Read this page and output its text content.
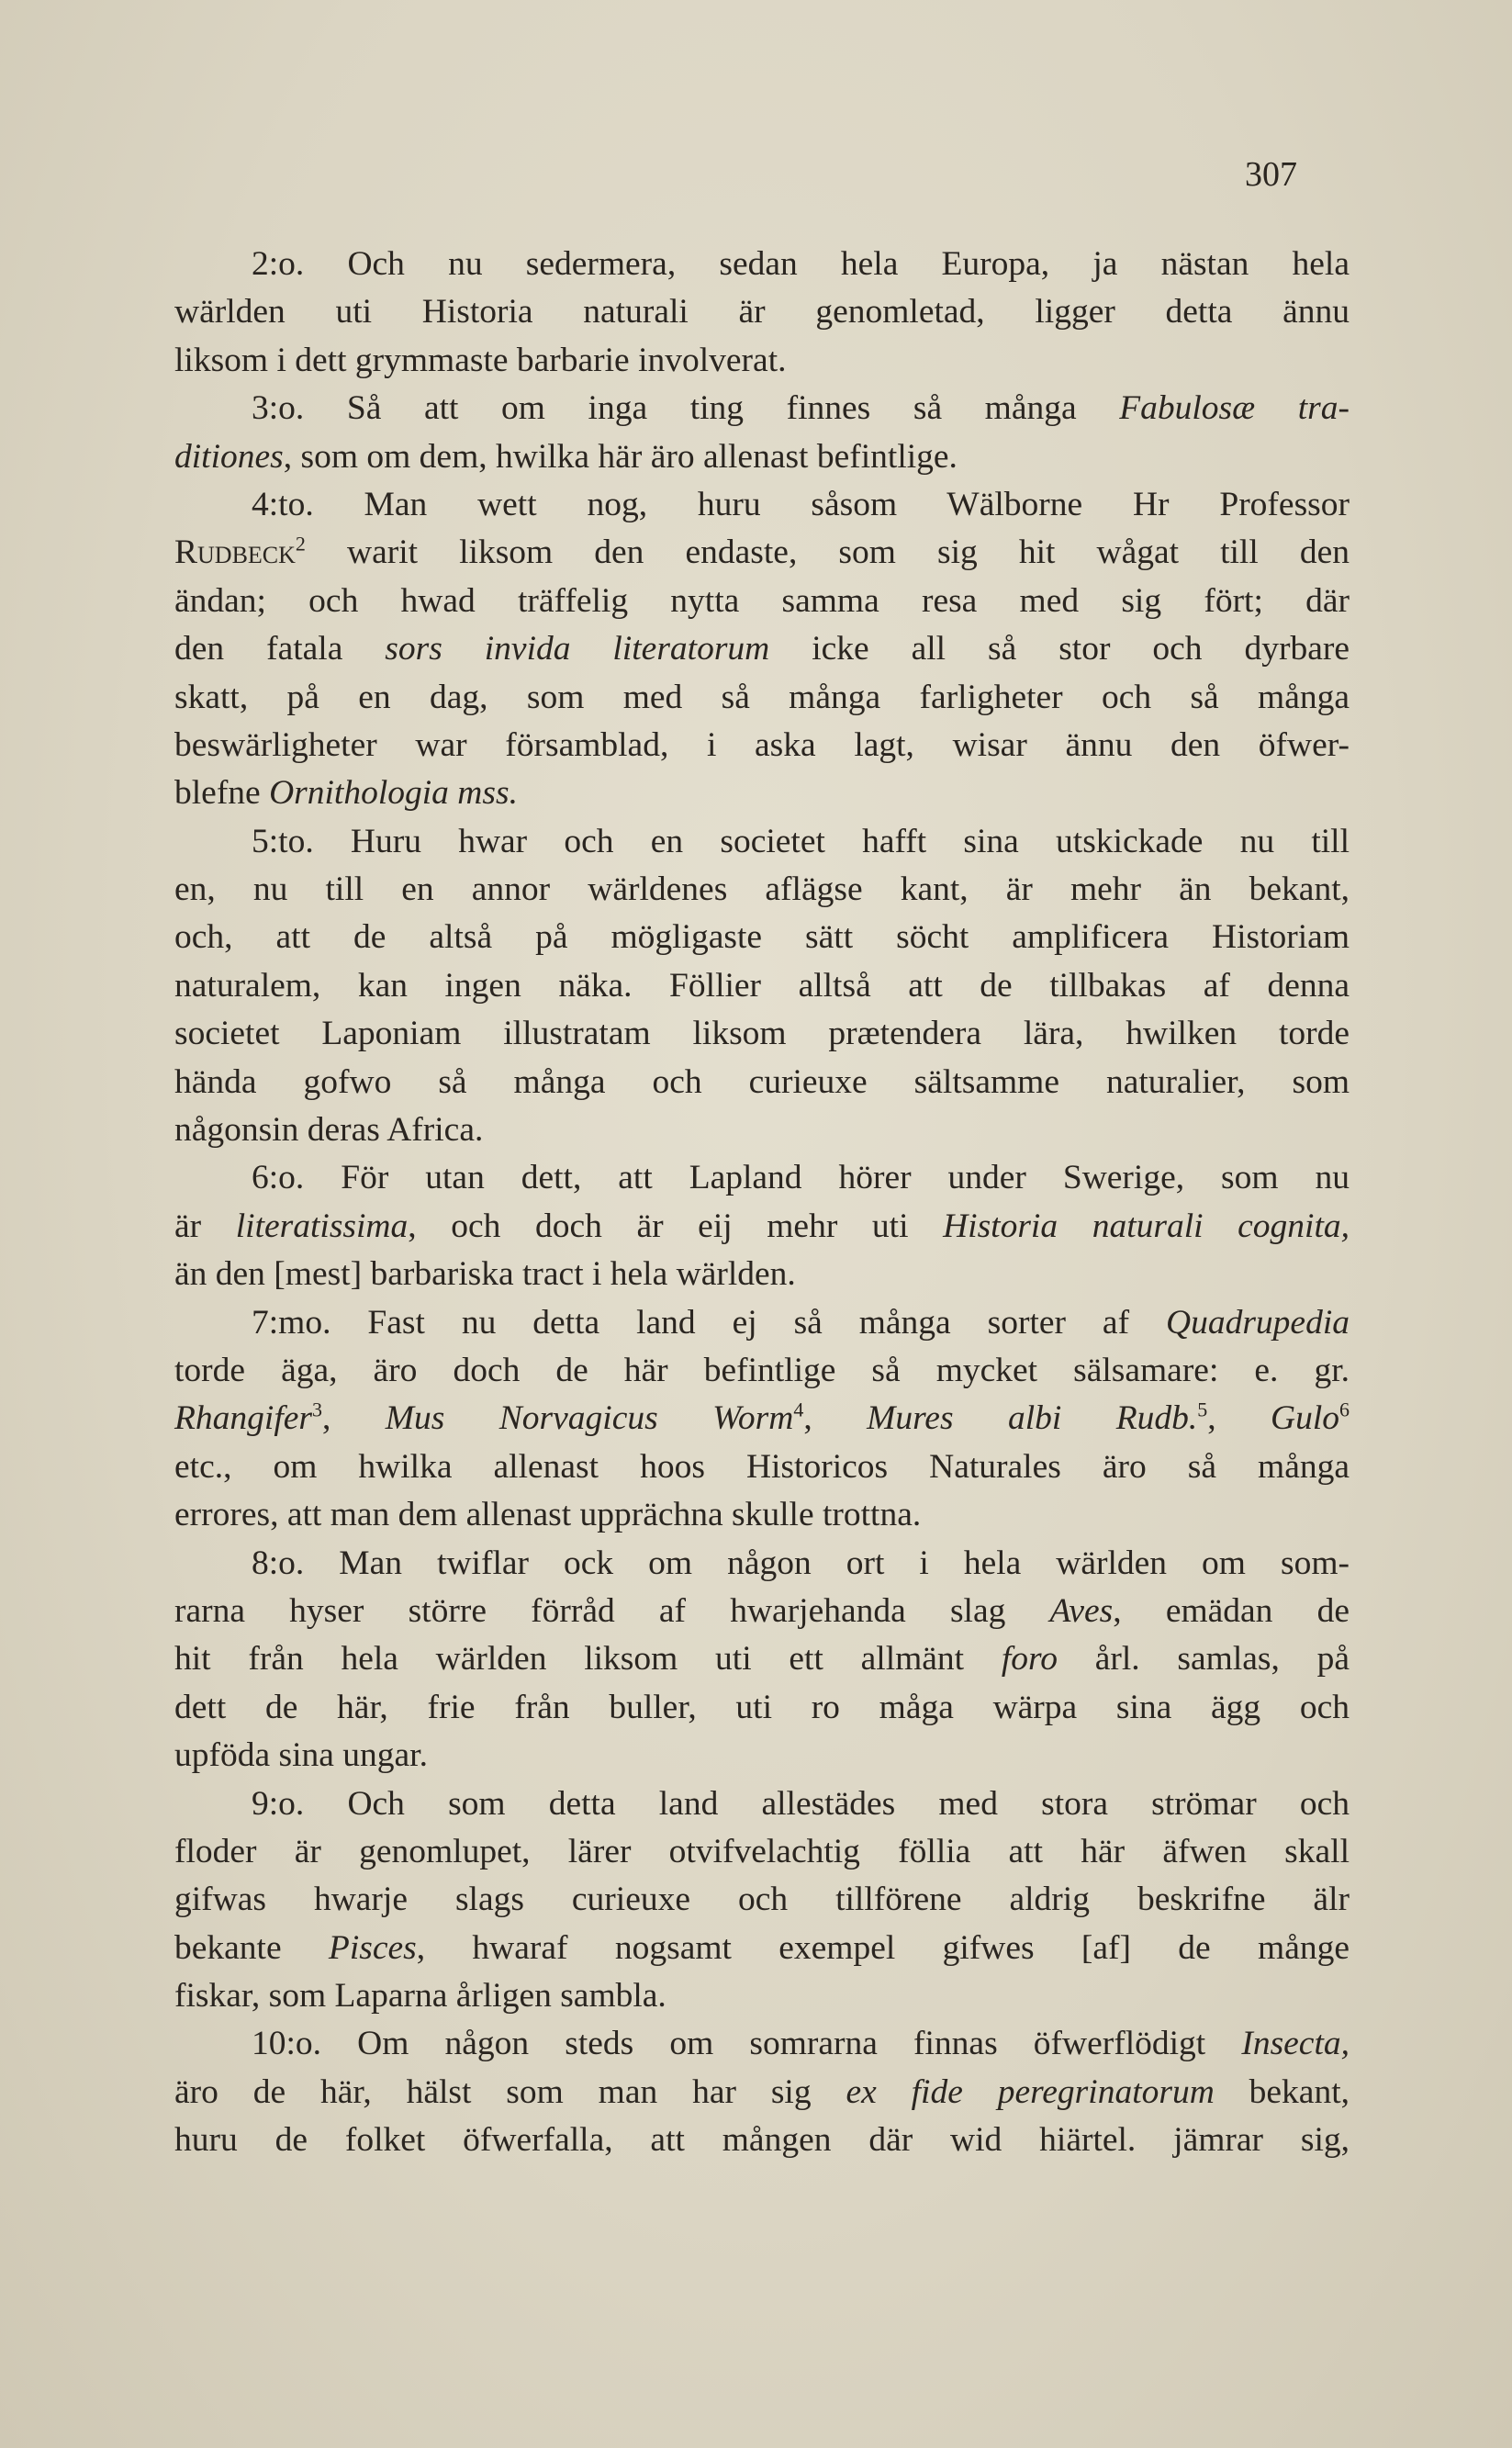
307
2:o. Och nu sedermera, sedan hela Europa, ja nästan hela
wärlden uti Historia naturali är genomletad, ligger detta ännu
liksom i dett grymmaste barbarie involverat.
3:o. Så att om inga ting finnes så många Fabulosæ tra-
ditiones, som om dem, hwilka här äro allenast befintlige.
4:to. Man wett nog, huru såsom Wälborne Hr Professor
Rudbeck$^2$ warit liksom den endaste, som sig hit wågat till den
ändan; och hwad träffelig nytta samma resa med sig fört; där
den fatala sors invida literatorum icke all så stor och dyrbare
skatt, på en dag, som med så många farligheter och så många
beswärligheter war församblad, i aska lagt, wisar ännu den öfwer-
blefne Ornithologia mss.
5:to. Huru hwar och en societet hafft sina utskickade nu till
en, nu till en annor wärldenes aflägse kant, är mehr än bekant,
och, att de altså på mögligaste sätt söcht amplificera Historiam
naturalem, kan ingen näka. Föllier alltså att de tillbakas af denna
societet Laponiam illustratam liksom prætendera lära, hwilken torde
hända gofwo så många och curieuxe sältsamme naturalier, som
någonsin deras Africa.
6:o. För utan dett, att Lapland hörer under Swerige, som nu
är literatissima, och doch är eij mehr uti Historia naturali cognita,
än den [mest] barbariska tract i hela wärlden.
7:mo. Fast nu detta land ej så många sorter af Quadrupedia
torde äga, äro doch de här befintlige så mycket sälsamare: e. gr.
Rhangifer$^3$, Mus Norvagicus Worm$^4$, Mures albi Rudb.$^5$, Gulo$^6$
etc., om hwilka allenast hoos Historicos Naturales äro så många
errores, att man dem allenast upprächna skulle trottna.
8:o. Man twiflar ock om någon ort i hela wärlden om som-
rarna hyser större förråd af hwarjehanda slag Aves, emädan de
hit från hela wärlden liksom uti ett allmänt foro årl. samlas, på
dett de här, frie från buller, uti ro måga wärpa sina ägg och
upföda sina ungar.
9:o. Och som detta land allestädes med stora strömar och
floder är genomlupet, lärer otvifvelachtig föllia att här äfwen skall
gifwas hwarje slags curieuxe och tillförene aldrig beskrifne älr
bekante Pisces, hwaraf nogsamt exempel gifwes [af] de månge
fiskar, som Laparna årligen sambla.
10:o. Om någon steds om somrarna finnas öfwerflödigt Insecta,
äro de här, hälst som man har sig ex fide peregrinatorum bekant,
huru de folket öfwerfalla, att mången där wid hiärtel. jämrar sig,
